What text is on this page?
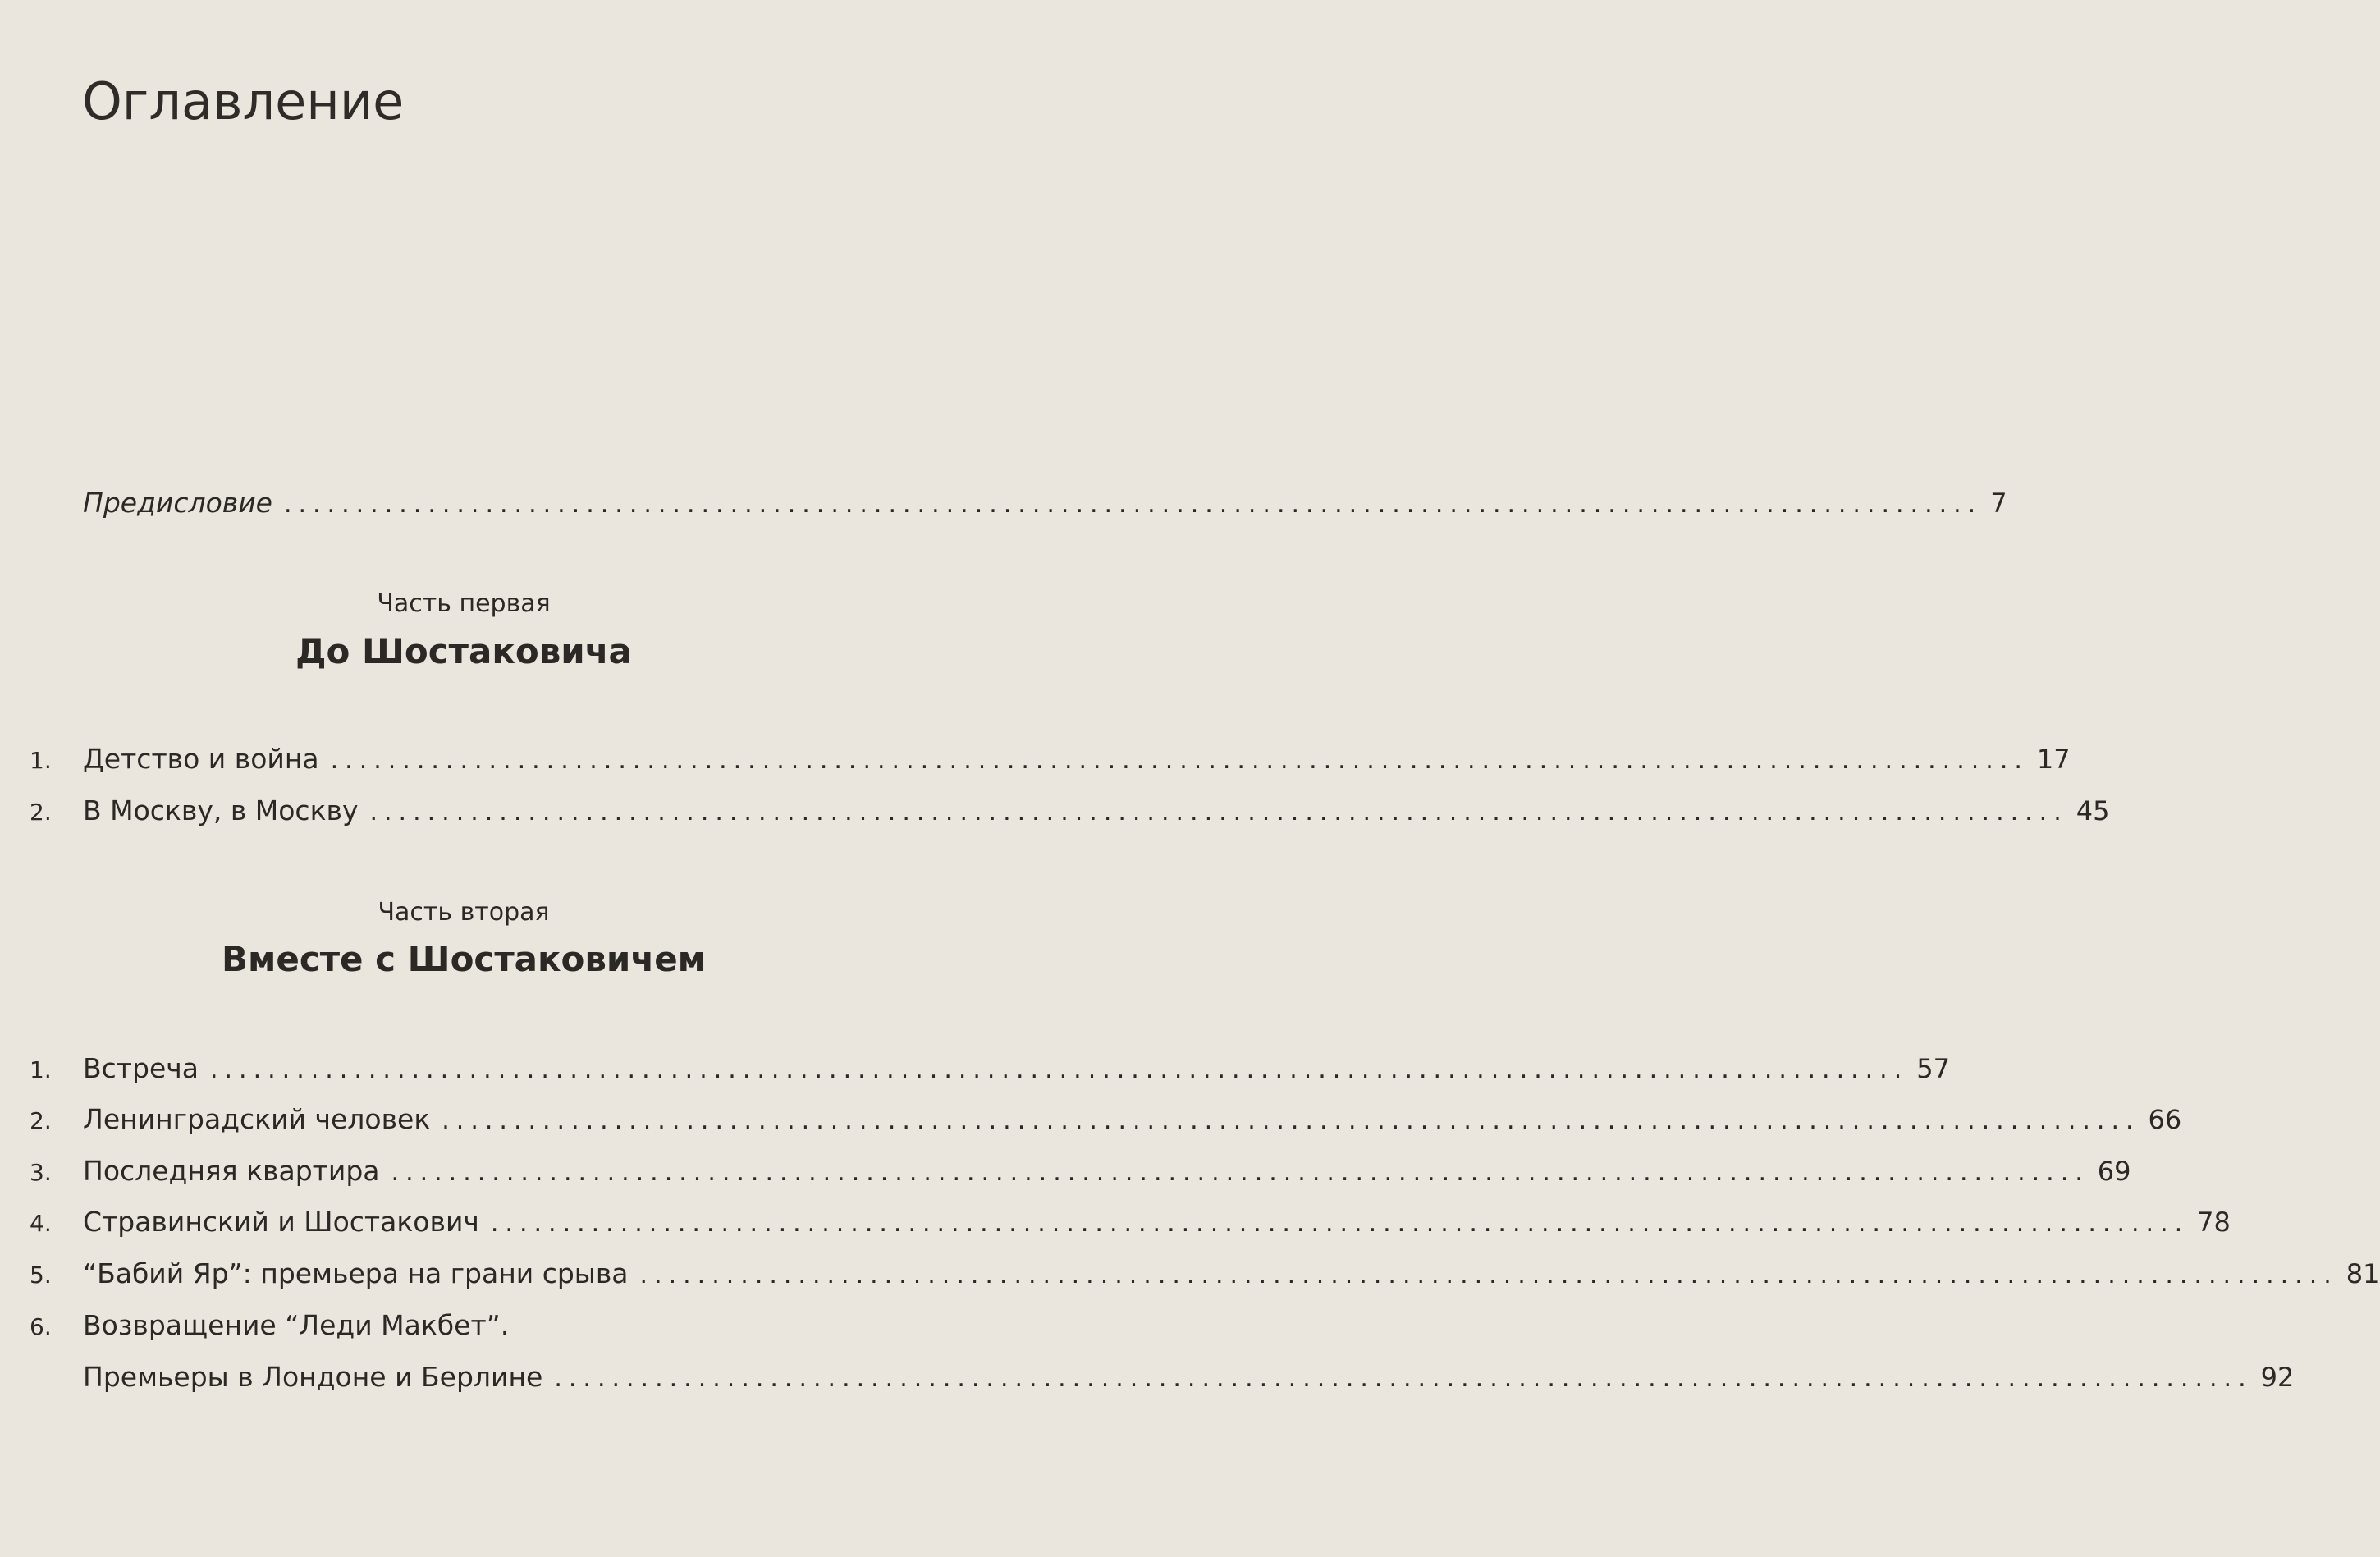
Оглавление
Предисловие ...................................................................................................................... 7
Часть первая
До Шостаковича
1.	Детство и война ...................................................................................................................... 17
2.	В Москву, в Москву ...................................................................................................................... 45
Часть вторая
Вместе с Шостаковичем
1.	Встреча ...................................................................................................................... 57
2.	Ленинградский человек ...................................................................................................................... 66
3.	Последняя квартира ...................................................................................................................... 69
4.	Стравинский и Шостакович ...................................................................................................................... 78
5.	“Бабий Яр”: премьера на грани срыва ...................................................................................................................... 81
6.	Возвращение “Леди Макбет”.
Премьеры в Лондоне и Берлине ...................................................................................................................... 92
